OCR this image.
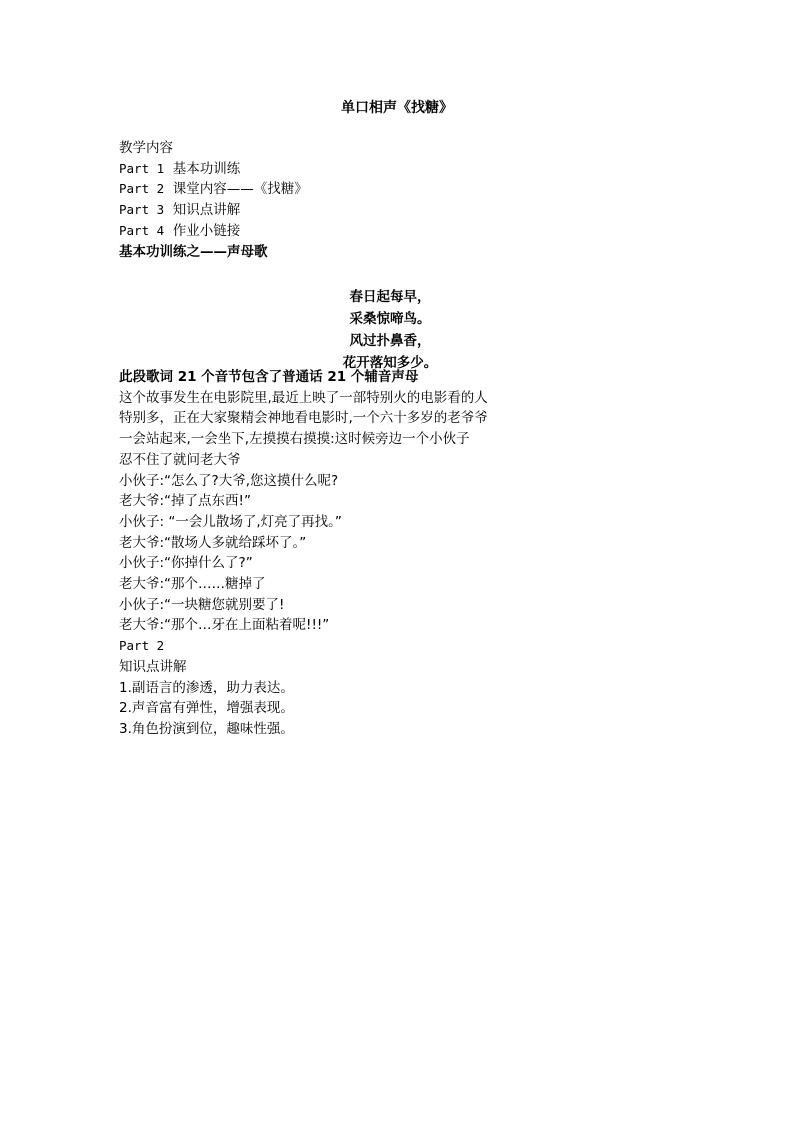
单口相声《找糖》
教学内容
Part 1 基本功训练
Part 2 课堂内容——《找糖》
Part 3 知识点讲解
Part 4 作业小链接
基本功训练之——声母歌
春日起每早，
采桑惊啼鸟。
风过扑鼻香，
花开落知多少。
此段歌词 21 个音节包含了普通话 21 个辅音声母
这个故事发生在电影院里,最近上映了一部特别火的电影看的人
特别多，正在大家聚精会神地看电影时,一个六十多岁的老爷爷
一会站起来,一会坐下,左摸摸右摸摸:这时候旁边一个小伙子
忍不住了就问老大爷
小伙子:“怎么了?大爷,您这摸什么呢?
老大爷:“掉了点东西!”
小伙子: “一会儿散场了,灯亮了再找。”
老大爷:“散场人多就给踩坏了。”
小伙子:“你掉什么了?”
老大爷:“那个……糖掉了
小伙子:“一块糖您就别要了!
老大爷:“那个…牙在上面粘着呢!!!”
Part 2
知识点讲解
1.副语言的渗透，助力表达。
2.声音富有弹性，增强表现。
3.角色扮演到位，趣味性强。
